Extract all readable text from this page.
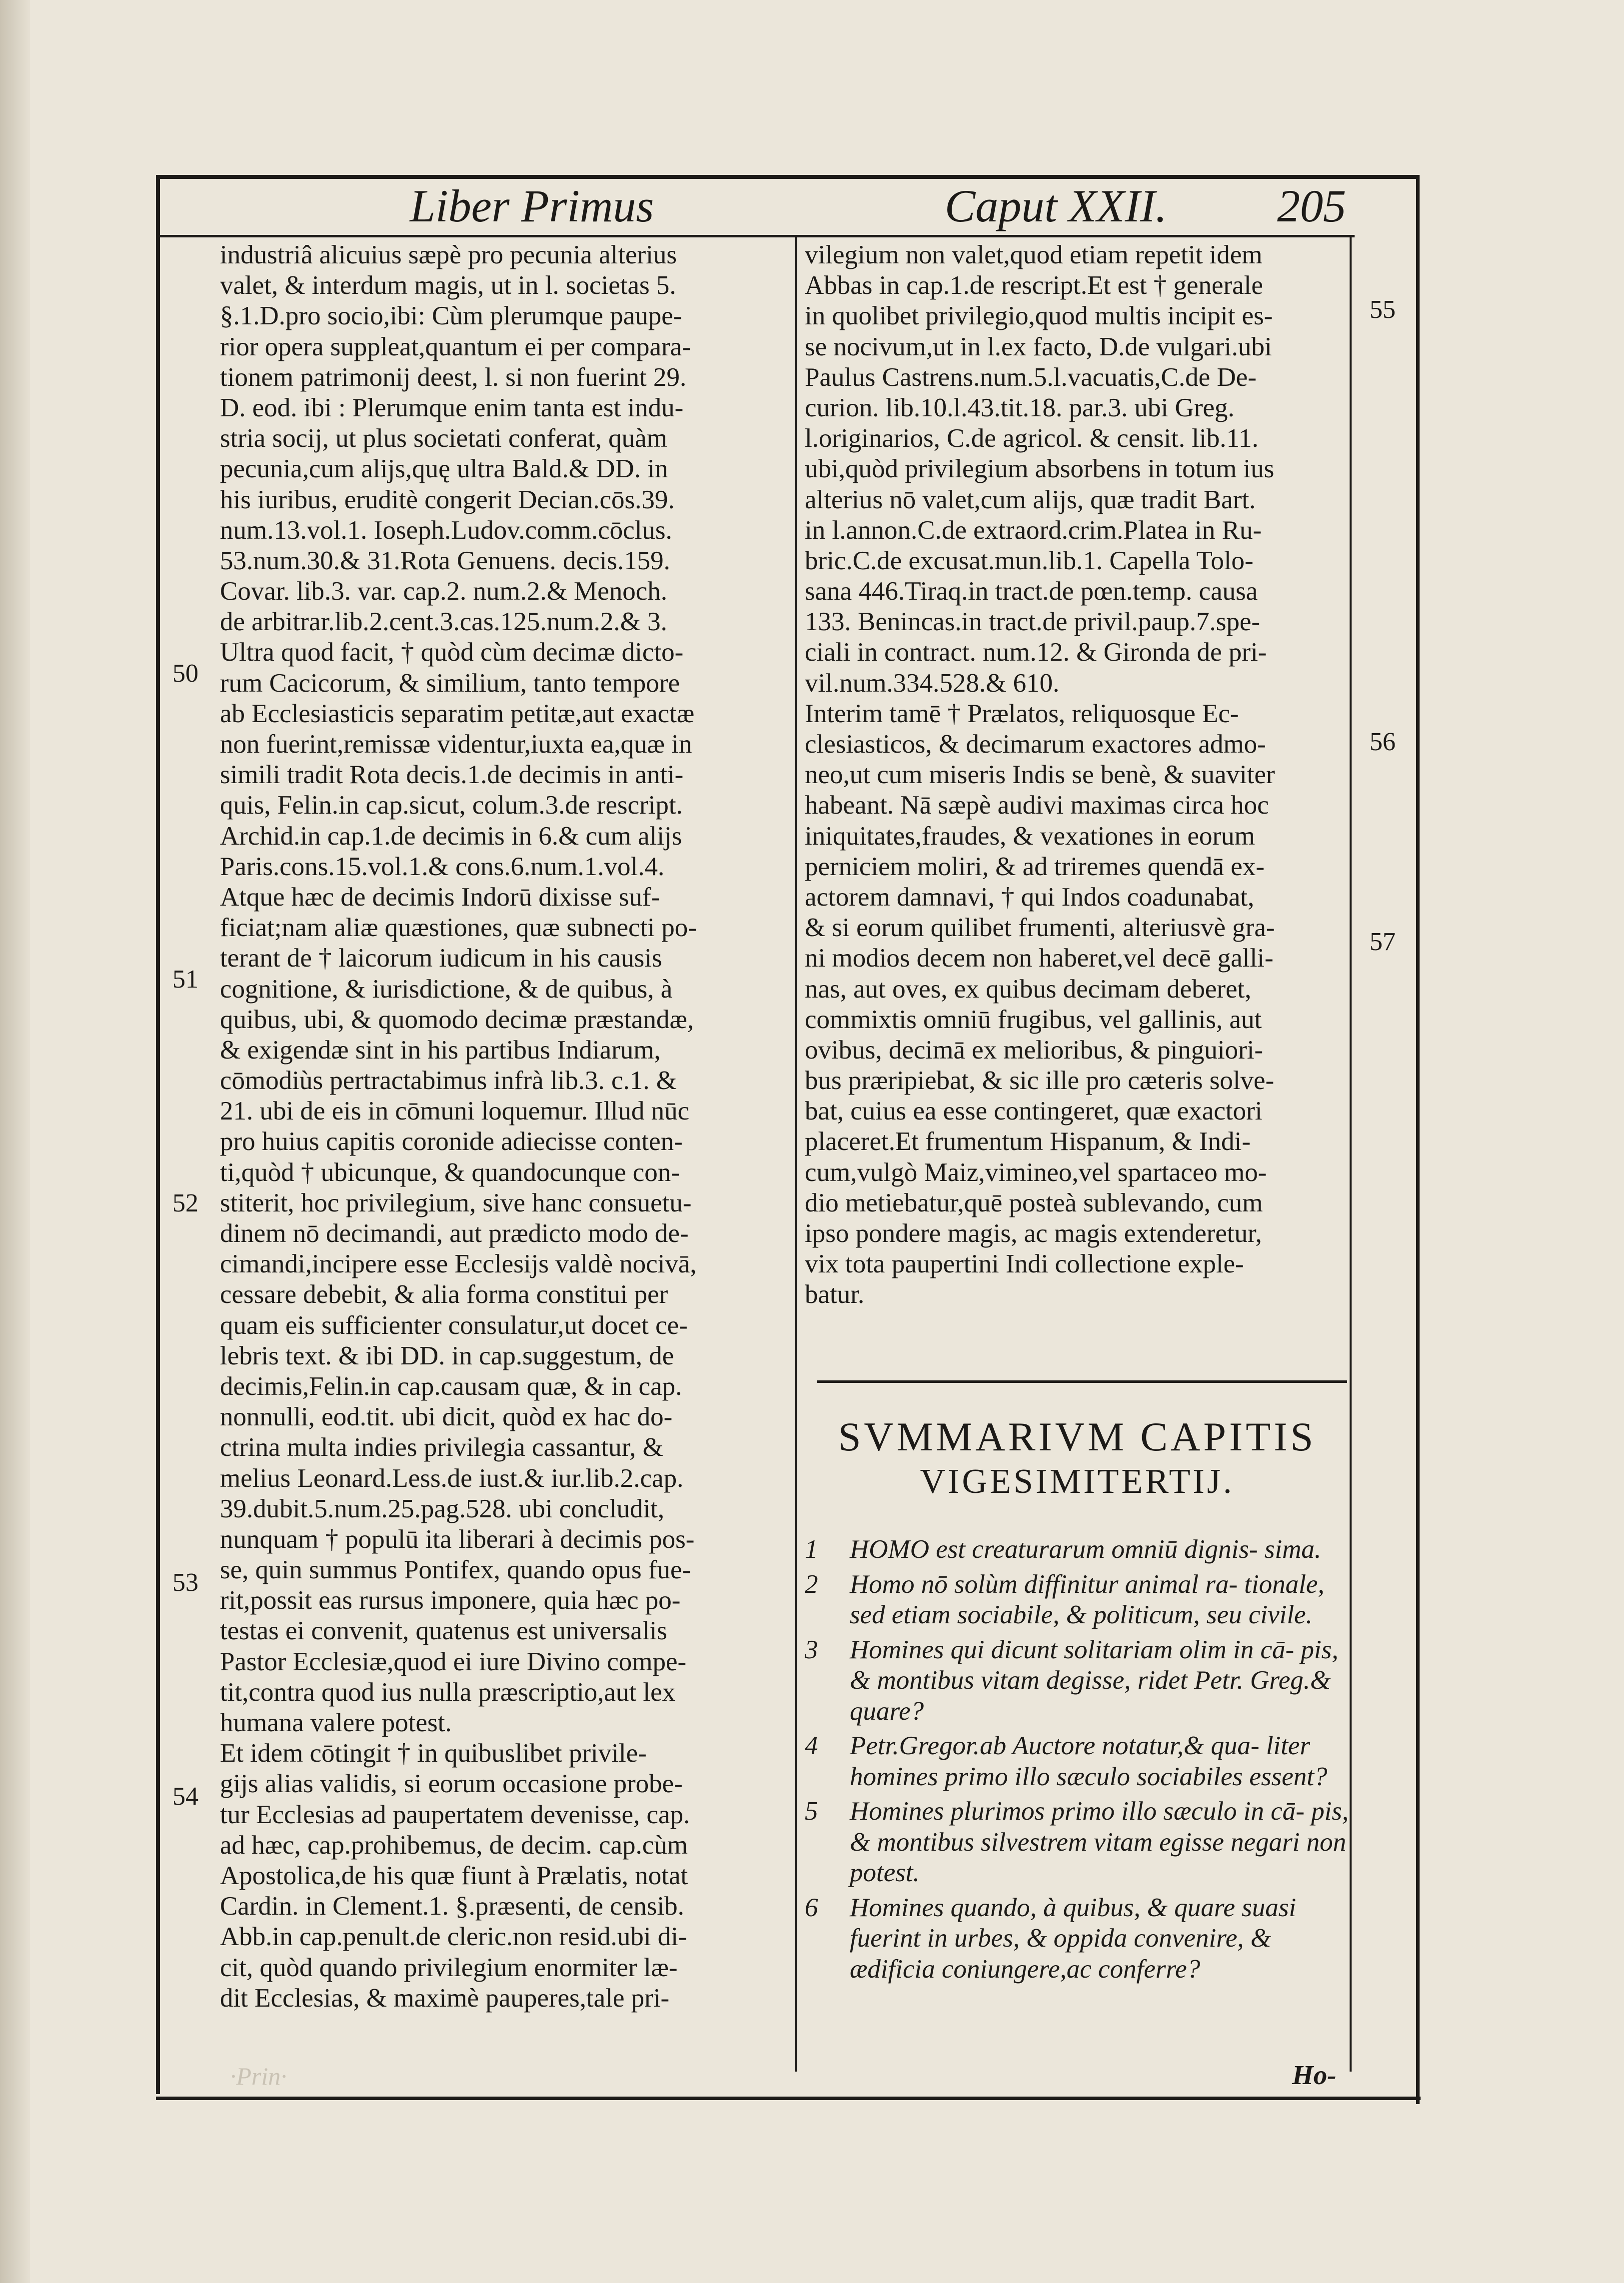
Liber Primus	Caput XXII. 205
industriâ alicuius sæpè pro pecunia alterius
valet, & interdum magis, ut in l. societas 5.
§.1.D.pro socio,ibi: Cùm plerumque paupe-
rior opera suppleat,quantum ei per compara-
tionem patrimonij deest, l. si non fuerint 29.
D. eod. ibi : Plerumque enim tanta est indu-
stria socij, ut plus societati conferat, quàm
pecunia,cum alijs,quę ultra Bald.& DD. in
his iuribus, eruditè congerit Decian.cōs.39.
num.13.vol.1. Ioseph.Ludov.comm.cōclus.
53.num.30.& 31.Rota Genuens. decis.159.
Covar. lib.3. var. cap.2. num.2.& Menoch.
de arbitrar.lib.2.cent.3.cas.125.num.2.& 3.
Ultra quod facit, † quòd cùm decimæ dicto-
rum Cacicorum, & similium, tanto tempore
ab Ecclesiasticis separatim petitæ,aut exactæ
non fuerint,remissæ videntur,iuxta ea,quæ in
simili tradit Rota decis.1.de decimis in anti-
quis, Felin.in cap.sicut, colum.3.de rescript.
Archid.in cap.1.de decimis in 6.& cum alijs
Paris.cons.15.vol.1.& cons.6.num.1.vol.4.
Atque hæc de decimis Indorū dixisse suf-
ficiat;nam aliæ quæstiones, quæ subnecti po-
terant de † laicorum iudicum in his causis
cognitione, & iurisdictione, & de quibus, à
quibus, ubi, & quomodo decimæ præstandæ,
& exigendæ sint in his partibus Indiarum,
cōmodiùs pertractabimus infrà lib.3. c.1. &
21. ubi de eis in cōmuni loquemur. Illud nūc
pro huius capitis coronide adiecisse conten-
ti,quòd † ubicunque, & quandocunque con-
stiterit, hoc privilegium, sive hanc consuetu-
dinem nō decimandi, aut prædicto modo de-
cimandi,incipere esse Ecclesijs valdè nocivā,
cessare debebit, & alia forma constitui per
quam eis sufficienter consulatur,ut docet ce-
lebris text. & ibi DD. in cap.suggestum, de
decimis,Felin.in cap.causam quæ, & in cap.
nonnulli, eod.tit. ubi dicit, quòd ex hac do-
ctrina multa indies privilegia cassantur, &
melius Leonard.Less.de iust.& iur.lib.2.cap.
39.dubit.5.num.25.pag.528. ubi concludit,
nunquam † populū ita liberari à decimis pos-
se, quin summus Pontifex, quando opus fue-
rit,possit eas rursus imponere, quia hæc po-
testas ei convenit, quatenus est universalis
Pastor Ecclesiæ,quod ei iure Divino compe-
tit,contra quod ius nulla præscriptio,aut lex
humana valere potest.
Et idem cōtingit † in quibuslibet privile-
gijs alias validis, si eorum occasione probe-
tur Ecclesias ad paupertatem devenisse, cap.
ad hæc, cap.prohibemus, de decim. cap.cùm
Apostolica,de his quæ fiunt à Prælatis, notat
Cardin. in Clement.1. §.præsenti, de censib.
Abb.in cap.penult.de cleric.non resid.ubi di-
cit, quòd quando privilegium enormiter læ-
dit Ecclesias, & maximè pauperes,tale pri-
vilegium non valet,quod etiam repetit idem
Abbas in cap.1.de rescript.Et est † generale
in quolibet privilegio,quod multis incipit es-
se nocivum,ut in l.ex facto, D.de vulgari.ubi
Paulus Castrens.num.5.l.vacuatis,C.de De-
curion. lib.10.l.43.tit.18. par.3. ubi Greg.
l.originarios, C.de agricol. & censit. lib.11.
ubi,quòd privilegium absorbens in totum ius
alterius nō valet,cum alijs, quæ tradit Bart.
in l.annon.C.de extraord.crim.Platea in Ru-
bric.C.de excusat.mun.lib.1. Capella Tolo-
sana 446.Tiraq.in tract.de pœn.temp. causa
133. Benincas.in tract.de privil.paup.7.spe-
ciali in contract. num.12. & Gironda de pri-
vil.num.334.528.& 610.
Interim tamē † Prælatos, reliquosque Ec-
clesiasticos, & decimarum exactores admo-
neo,ut cum miseris Indis se benè, & suaviter
habeant. Nā sæpè audivi maximas circa hoc
iniquitates,fraudes, & vexationes in eorum
perniciem moliri, & ad triremes quendā ex-
actorem damnavi, † qui Indos coadunabat,
& si eorum quilibet frumenti, alteriusvè gra-
ni modios decem non haberet,vel decē galli-
nas, aut oves, ex quibus decimam deberet,
commixtis omniū frugibus, vel gallinis, aut
ovibus, decimā ex melioribus, & pinguiori-
bus præripiebat, & sic ille pro cæteris solve-
bat, cuius ea esse contingeret, quæ exactori
placeret.Et frumentum Hispanum, & Indi-
cum,vulgò Maiz,vimineo,vel spartaceo mo-
dio metiebatur,quē posteà sublevando, cum
ipso pondere magis, ac magis extenderetur,
vix tota paupertini Indi collectione exple-
batur.
50
51
52
53
54
55
56
57
SVMMARIVM CAPITIS
VIGESIMITERTIJ.
1 HOMO est creaturarum omniū dignis- sima.
2 Homo nō solùm diffinitur animal ra- tionale, sed etiam sociabile, & politicum, seu civile.
3 Homines qui dicunt solitariam olim in cā- pis, & montibus vitam degisse, ridet Petr. Greg.& quare?
4 Petr.Gregor.ab Auctore notatur,& qua- liter homines primo illo sæculo sociabiles essent?
5 Homines plurimos primo illo sæculo in cā- pis, & montibus silvestrem vitam egisse negari non potest.
6 Homines quando, à quibus, & quare suasi fuerint in urbes, & oppida convenire, & ædificia coniungere,ac conferre?
·Prin·	Ho-
